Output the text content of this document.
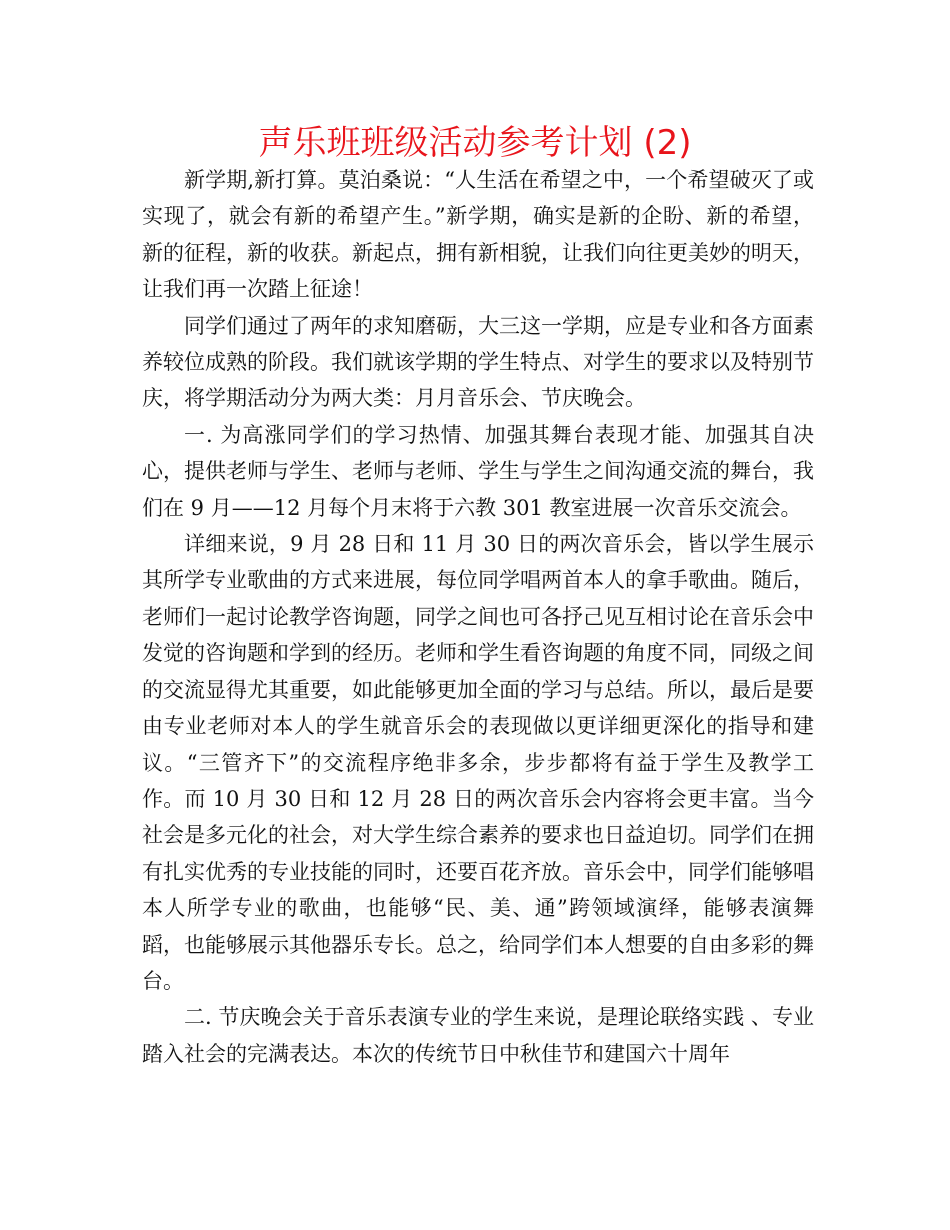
声乐班班级活动参考计划 (2)

新学期,新打算。莫泊桑说：“人生活在希望之中，一个希望破灭了或实现了，就会有新的希望产生。”新学期，确实是新的企盼、新的希望，新的征程，新的收获。新起点，拥有新相貌，让我们向往更美妙的明天，让我们再一次踏上征途！

同学们通过了两年的求知磨砺，大三这一学期，应是专业和各方面素养较位成熟的阶段。我们就该学期的学生特点、对学生的要求以及特别节庆，将学期活动分为两大类：月月音乐会、节庆晚会。

一. 为高涨同学们的学习热情、加强其舞台表现才能、加强其自决心，提供老师与学生、老师与老师、学生与学生之间沟通交流的舞台，我们在 9 月——12 月每个月末将于六教 301 教室进展一次音乐交流会。

详细来说，9 月 28 日和 11 月 30 日的两次音乐会，皆以学生展示其所学专业歌曲的方式来进展，每位同学唱两首本人的拿手歌曲。随后，老师们一起讨论教学咨询题，同学之间也可各抒己见互相讨论在音乐会中发觉的咨询题和学到的经历。老师和学生看咨询题的角度不同，同级之间的交流显得尤其重要，如此能够更加全面的学习与总结。所以，最后是要由专业老师对本人的学生就音乐会的表现做以更详细更深化的指导和建议。“三管齐下”的交流程序绝非多余，步步都将有益于学生及教学工作。而 10 月 30 日和 12 月 28 日的两次音乐会内容将会更丰富。当今社会是多元化的社会，对大学生综合素养的要求也日益迫切。同学们在拥有扎实优秀的专业技能的同时，还要百花齐放。音乐会中，同学们能够唱本人所学专业的歌曲，也能够“民、美、通”跨领域演绎，能够表演舞蹈，也能够展示其他器乐专长。总之，给同学们本人想要的自由多彩的舞台。

二. 节庆晚会关于音乐表演专业的学生来说，是理论联络实践 、专业踏入社会的完满表达。本次的传统节日中秋佳节和建国六十周年
